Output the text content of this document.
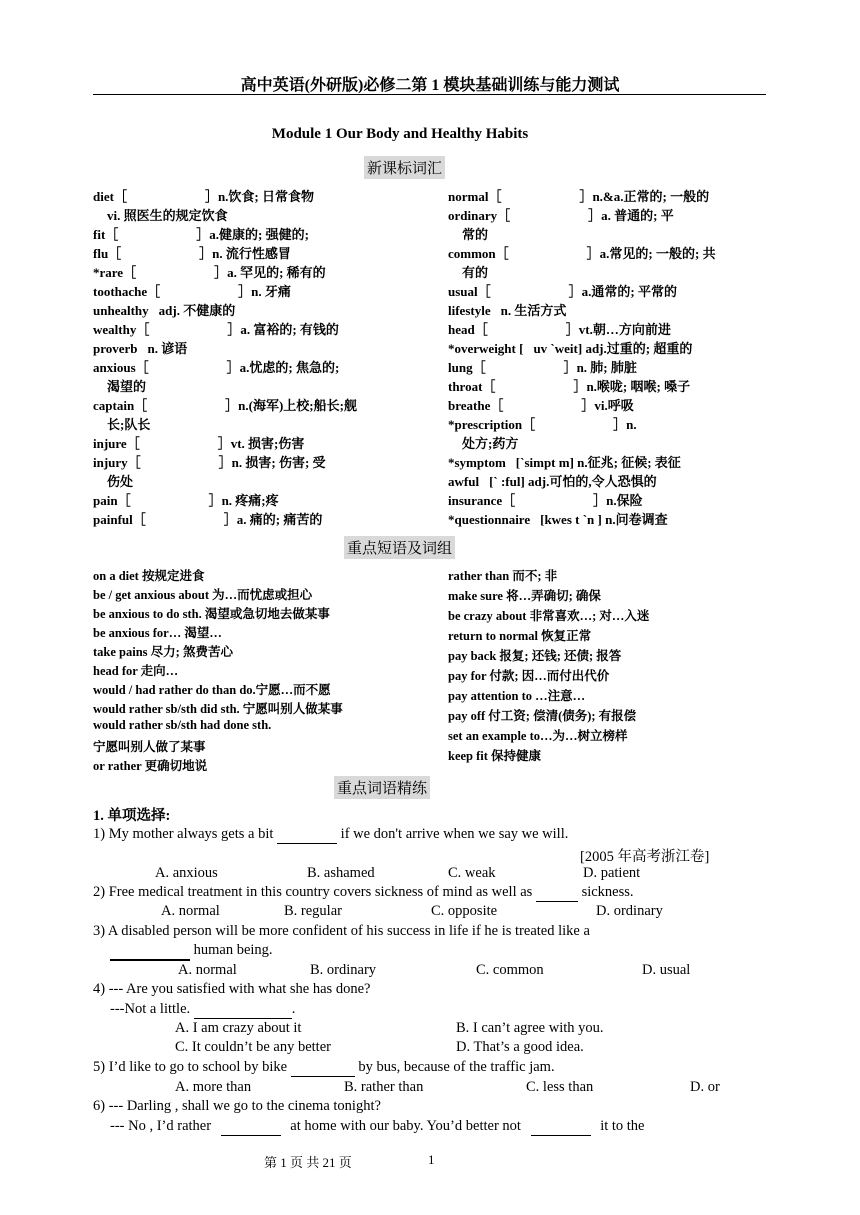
高中英语(外研版)必修二第 1 模块基础训练与能力测试
Module 1 Our Body and Healthy Habits
新课标词汇
diet［	］n.饮食; 日常食物
vi. 照医生的规定饮食
fit［	］a.健康的; 强健的;
flu［	］n. 流行性感冒
*rare［	］a. 罕见的; 稀有的
toothache［	］n. 牙痛
unhealthy adj. 不健康的
wealthy［	］a. 富裕的; 有钱的
proverb n. 谚语
anxious［	］a.忧虑的; 焦急的;
渴望的
captain［	］n.(海军)上校;船长;舰
长;队长
injure［	］vt. 损害;伤害
injury［	］n. 损害; 伤害; 受
伤处
pain［	］n. 疼痛;疼
painful［	］a. 痛的; 痛苦的
normal［	］n.&a.正常的; 一般的
ordinary［	］a. 普通的; 平
常的
common［	］a.常见的; 一般的; 共
有的
usual［	］a.通常的; 平常的
lifestyle n. 生活方式
head［	］vt.朝…方向前进
*overweight [ uv `weit] adj.过重的; 超重的
lung［	］n. 肺; 肺脏
throat［	］n.喉咙; 咽喉; 嗓子
breathe［	］vi.呼吸
*prescription［	］n.
处方;药方
*symptom [`simpt m] n.征兆; 征候; 表征
awful [` :ful] adj.可怕的,令人恐惧的
insurance［	］n.保险
*questionnaire [kwes t `n ] n.问卷调查
重点短语及词组
on a diet 按规定进食
be / get anxious about 为…而忧虑或担心
be anxious to do sth. 渴望或急切地去做某事
be anxious for… 渴望…
take pains 尽力; 煞费苦心
head for 走向…
would / had rather do than do.宁愿…而不愿
would rather sb/sth did sth. 宁愿叫别人做某事
would rather sb/sth had done sth.
宁愿叫别人做了某事
or rather 更确切地说
rather than 而不; 非
make sure 将…弄确切; 确保
be crazy about 非常喜欢…; 对…入迷
return to normal 恢复正常
pay back 报复; 还钱; 还债; 报答
pay for 付款; 因…而付出代价
pay attention to …注意…
pay off 付工资; 偿清(债务); 有报偿
set an example to…为…树立榜样
keep fit 保持健康
重点词语精练
1. 单项选择:
1) My mother always gets a bit	if we don't arrive when we say we will.
[2005 年高考浙江卷]
A. anxious	B. ashamed	C. weak	D. patient
2) Free medical treatment in this country covers sickness of mind as well as	sickness.
A. normal	B. regular	C. opposite	D. ordinary
3) A disabled person will be more confident of his success in life if he is treated like a
human being.
A. normal	B. ordinary	C. common	D. usual
4) --- Are you satisfied with what she has done?
---Not a little.	.
A. I am crazy about it	B. I can’t agree with you.
C. It couldn’t be any better	D. That’s a good idea.
5) I’d like to go to school by bike	by bus, because of the traffic jam.
A. more than	B. rather than	C. less than	D. or
6) --- Darling , shall we go to the cinema tonight?
--- No , I’d rather	at home with our baby. You’d better not	it to the
第 1 页 共 21 页	1
